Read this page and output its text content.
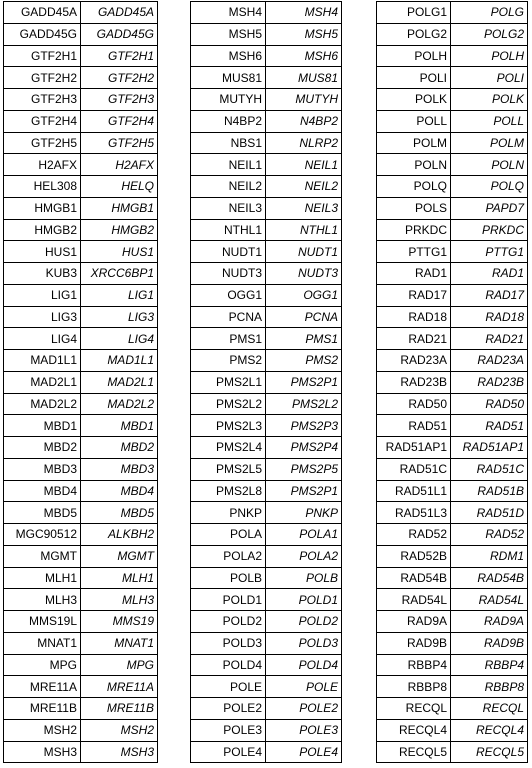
GADD45A	GADD45A
GADD45G	GADD45G
GTF2H1	GTF2H1
GTF2H2	GTF2H2
GTF2H3	GTF2H3
GTF2H4	GTF2H4
GTF2H5	GTF2H5
H2AFX	H2AFX
HEL308	HELQ
HMGB1	HMGB1
HMGB2	HMGB2
HUS1	HUS1
KUB3	XRCC6BP1
LIG1	LIG1
LIG3	LIG3
LIG4	LIG4
MAD1L1	MAD1L1
MAD2L1	MAD2L1
MAD2L2	MAD2L2
MBD1	MBD1
MBD2	MBD2
MBD3	MBD3
MBD4	MBD4
MBD5	MBD5
MGC90512	ALKBH2
MGMT	MGMT
MLH1	MLH1
MLH3	MLH3
MMS19L	MMS19
MNAT1	MNAT1
MPG	MPG
MRE11A	MRE11A
MRE11B	MRE11B
MSH2	MSH2
MSH3	MSH3
MSH4	MSH4
MSH5	MSH5
MSH6	MSH6
MUS81	MUS81
MUTYH	MUTYH
N4BP2	N4BP2
NBS1	NLRP2
NEIL1	NEIL1
NEIL2	NEIL2
NEIL3	NEIL3
NTHL1	NTHL1
NUDT1	NUDT1
NUDT3	NUDT3
OGG1	OGG1
PCNA	PCNA
PMS1	PMS1
PMS2	PMS2
PMS2L1	PMS2P1
PMS2L2	PMS2L2
PMS2L3	PMS2P3
PMS2L4	PMS2P4
PMS2L5	PMS2P5
PMS2L8	PMS2P1
PNKP	PNKP
POLA	POLA1
POLA2	POLA2
POLB	POLB
POLD1	POLD1
POLD2	POLD2
POLD3	POLD3
POLD4	POLD4
POLE	POLE
POLE2	POLE2
POLE3	POLE3
POLE4	POLE4
POLG1	POLG
POLG2	POLG2
POLH	POLH
POLI	POLI
POLK	POLK
POLL	POLL
POLM	POLM
POLN	POLN
POLQ	POLQ
POLS	PAPD7
PRKDC	PRKDC
PTTG1	PTTG1
RAD1	RAD1
RAD17	RAD17
RAD18	RAD18
RAD21	RAD21
RAD23A	RAD23A
RAD23B	RAD23B
RAD50	RAD50
RAD51	RAD51
RAD51AP1	RAD51AP1
RAD51C	RAD51C
RAD51L1	RAD51B
RAD51L3	RAD51D
RAD52	RAD52
RAD52B	RDM1
RAD54B	RAD54B
RAD54L	RAD54L
RAD9A	RAD9A
RAD9B	RAD9B
RBBP4	RBBP4
RBBP8	RBBP8
RECQL	RECQL
RECQL4	RECQL4
RECQL5	RECQL5
